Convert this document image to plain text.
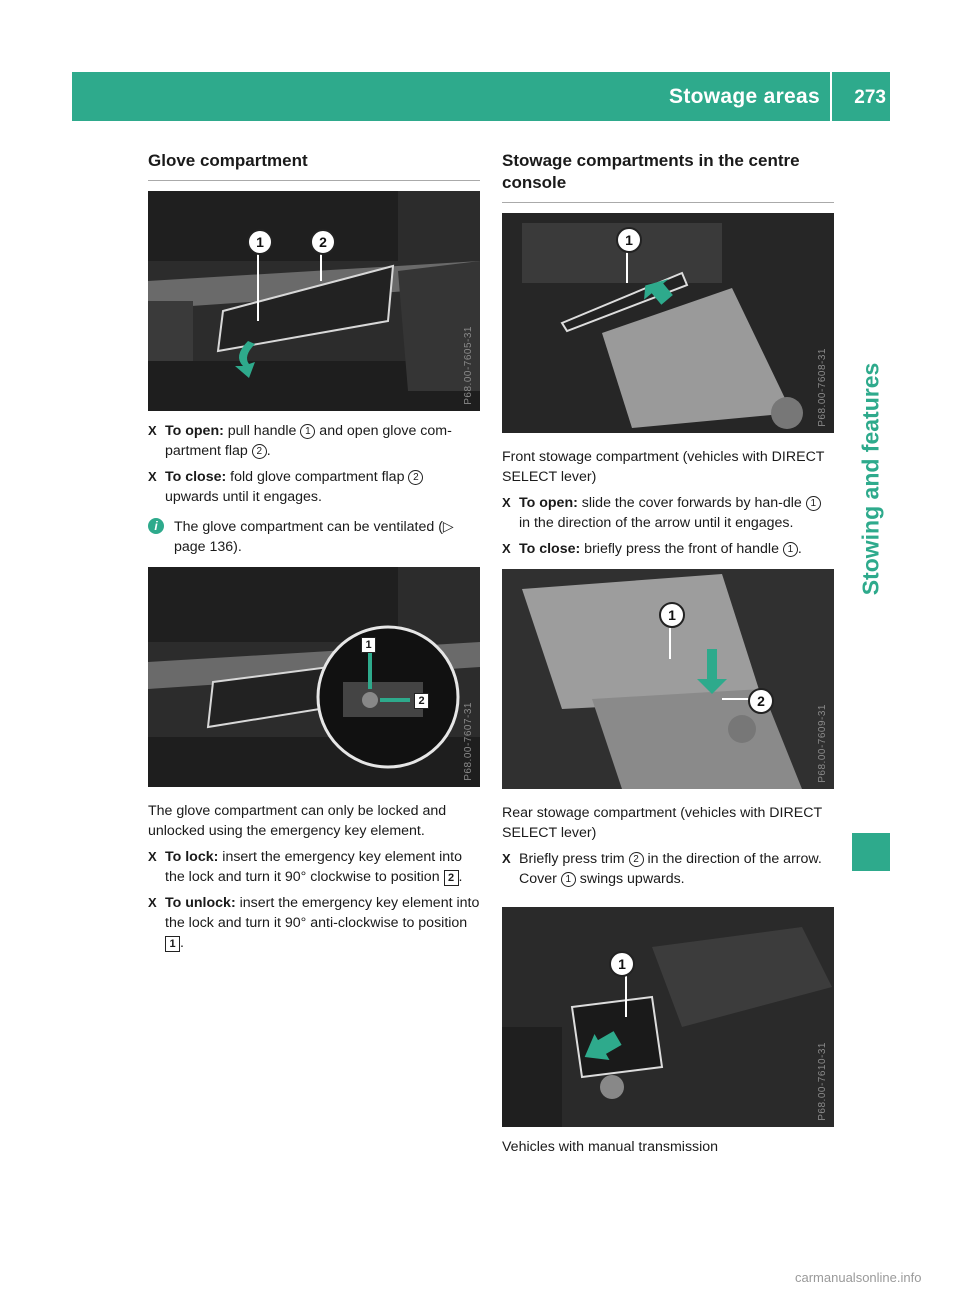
Stowage areas 273
Stowing and features
Glove compartment
1	2
P68.00-7605-31

X To open: pull handle 1 and open glove com-partment flap 2 .

X To close: fold glove compartment flap 2 upwards until it engages.

i	The glove compartment can be ventilated (▷ page 136).

1
2
P68.00-7607-31

The glove compartment can only be locked and unlocked using the emergency key element.

X To lock: insert the emergency key element into the lock and turn it 90° clockwise to position 2 .

X To unlock: insert the emergency key element into the lock and turn it 90° anti-clockwise to position 1 .

Stowage compartments in the centre console
1
P68.00-7608-31

Front stowage compartment (vehicles with DIRECT SELECT lever)

X To open: slide the cover forwards by han-dle 1 in the direction of the arrow until it engages.

X To close: briefly press the front of handle 1 .

1
2
P68.00-7609-31

Rear stowage compartment (vehicles with DIRECT SELECT lever)

X Briefly press trim 2 in the direction of the arrow.
Cover 1 swings upwards.

1
P68.00-7610-31

Vehicles with manual transmission

carmanualsonline.info
